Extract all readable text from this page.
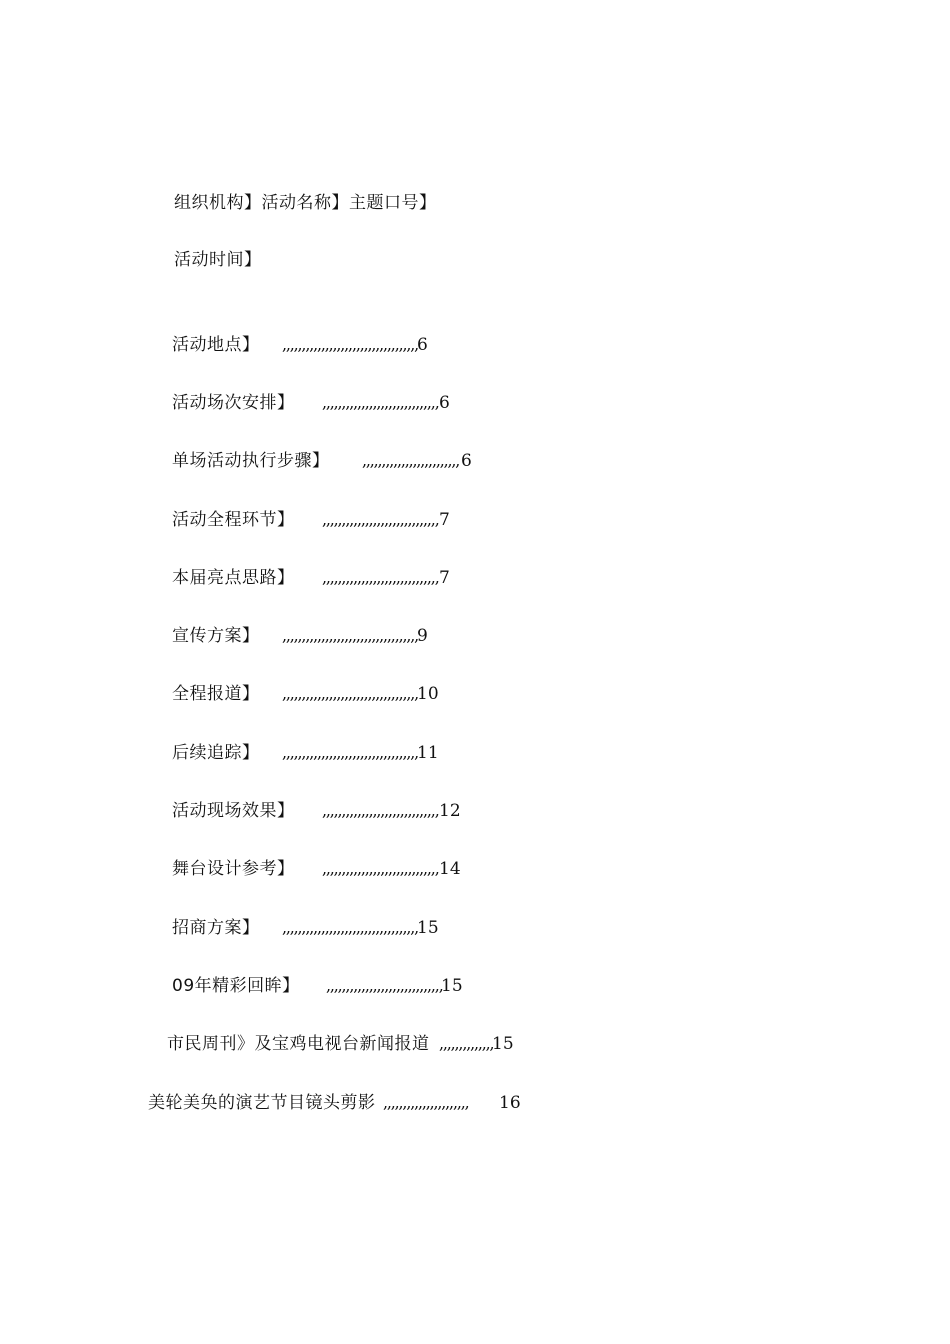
组织机构】活动名称】主题口号】
活动时间】
活动地点】 ,,,,,,,,,,,,,,,,,,,,,,,,,,,,,,,,,,,
6
活动场次安排】 ,,,,,,,,,,,,,,,,,,,,,,,,,,,,,, 6
单场活动执行步骤】 ,,,,,,,,,,,,,,,,,,,,,,,,, 6
活动全程环节】 ,,,,,,,,,,,,,,,,,,,,,,,,,,,,,, 7
本届亮点思路】 ,,,,,,,,,,,,,,,,,,,,,,,,,,,,,, 7
宣传方案】 ,,,,,,,,,,,,,,,,,,,,,,,,,,,,,,,,,,,
9
全程报道】 ,,,,,,,,,,,,,,,,,,,,,,,,,,,,,,,,,,,
10
后续追踪】 ,,,,,,,,,,,,,,,,,,,,,,,,,,,,,,,,,,,
11
活动现场效果】 ,,,,,,,,,,,,,,,,,,,,,,,,,,,,,, 12
舞台设计参考】 ,,,,,,,,,,,,,,,,,,,,,,,,,,,,,, 14
招商方案】 ,,,,,,,,,,,,,,,,,,,,,,,,,,,,,,,,,,,
15
09年精彩回眸】 ,,,,,,,,,,,,,,,,,,,,,,,,,,,,,,
15
市民周刊》及宝鸡电视台新闻报道 ,,,,,,,,,,,,,,
15
美轮美奂的演艺节目镜头剪影 ,,,,,,,,,,,,,,,,,,,,,, 16
